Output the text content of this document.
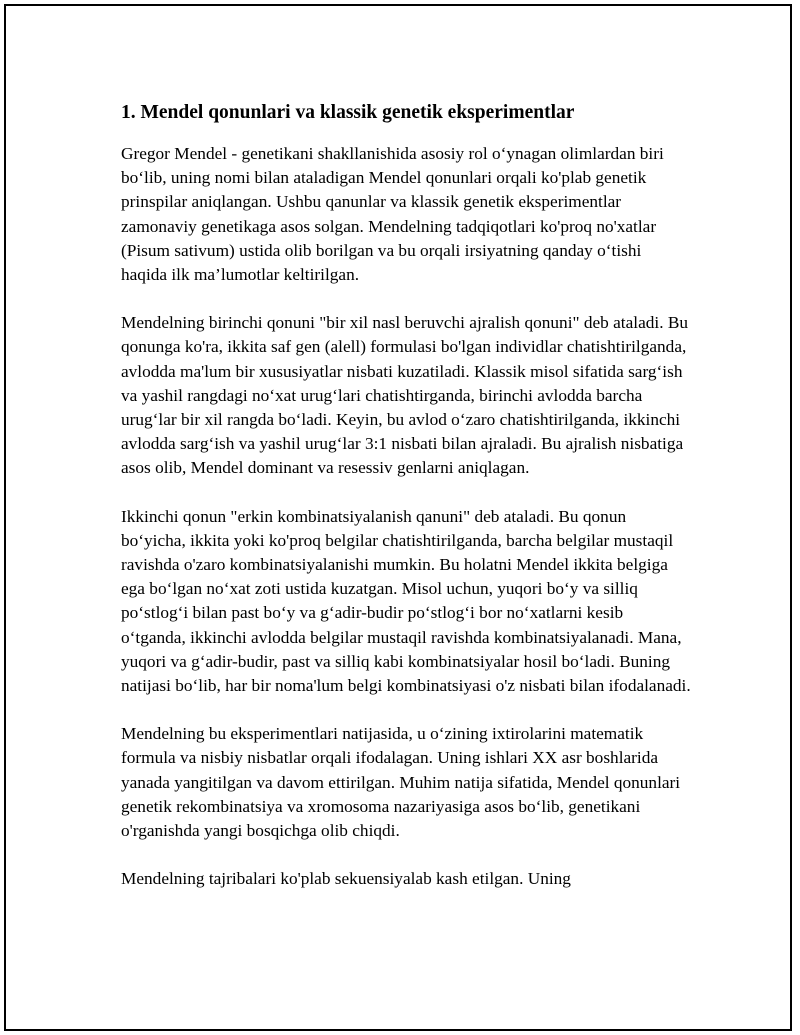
1. Mendel qonunlari va klassik genetik eksperimentlar

Gregor Mendel - genetikani shakllanishida asosiy rol o‘ynagan olimlardan biri bo‘lib, uning nomi bilan ataladigan Mendel qonunlari orqali ko'plab genetik prinspilar aniqlangan. Ushbu qanunlar va klassik genetik eksperimentlar zamonaviy genetikaga asos solgan. Mendelning tadqiqotlari ko'proq no'xatlar (Pisum sativum) ustida olib borilgan va bu orqali irsiyatning qanday o‘tishi haqida ilk ma’lumotlar keltirilgan.

Mendelning birinchi qonuni "bir xil nasl beruvchi ajralish qonuni" deb ataladi. Bu qonunga ko'ra, ikkita saf gen (alell) formulasi bo'lgan individlar chatishtirilganda, avlodda ma'lum bir xususiyatlar nisbati kuzatiladi. Klassik misol sifatida sarg‘ish va yashil rangdagi no‘xat urug‘lari chatishtirganda, birinchi avlodda barcha urug‘lar bir xil rangda bo‘ladi. Keyin, bu avlod o‘zaro chatishtirilganda, ikkinchi avlodda sarg‘ish va yashil urug‘lar 3:1 nisbati bilan ajraladi. Bu ajralish nisbatiga asos olib, Mendel dominant va resessiv genlarni aniqlagan.

Ikkinchi qonun "erkin kombinatsiyalanish qanuni" deb ataladi. Bu qonun bo‘yicha, ikkita yoki ko'proq belgilar chatishtirilganda, barcha belgilar mustaqil ravishda o'zaro kombinatsiyalanishi mumkin. Bu holatni Mendel ikkita belgiga ega bo‘lgan no‘xat zoti ustida kuzatgan. Misol uchun, yuqori bo‘y va silliq po‘stlog‘i bilan past bo‘y va g‘adir-budir po‘stlog‘i bor no‘xatlarni kesib o‘tganda, ikkinchi avlodda belgilar mustaqil ravishda kombinatsiyalanadi. Mana, yuqori va g‘adir-budir, past va silliq kabi kombinatsiyalar hosil bo‘ladi. Buning natijasi bo‘lib, har bir noma'lum belgi kombinatsiyasi o'z nisbati bilan ifodalanadi.

Mendelning bu eksperimentlari natijasida, u o‘zining ixtirolarini matematik formula va nisbiy nisbatlar orqali ifodalagan. Uning ishlari XX asr boshlarida yanada yangitilgan va davom ettirilgan. Muhim natija sifatida, Mendel qonunlari genetik rekombinatsiya va xromosoma nazariyasiga asos bo‘lib, genetikani o'rganishda yangi bosqichga olib chiqdi.

Mendelning tajribalari ko'plab sekuensiyalab kash etilgan. Uning
